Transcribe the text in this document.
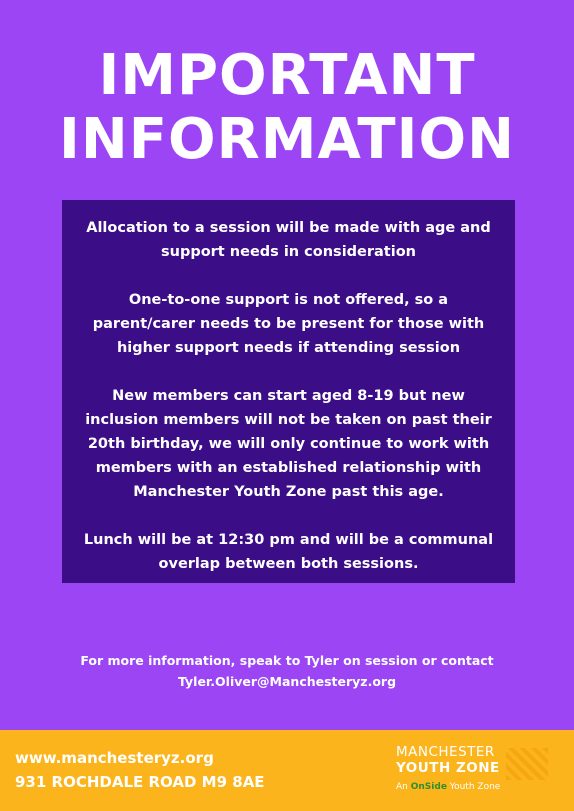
IMPORTANT
INFORMATION

Allocation to a session will be made with age and support needs in consideration

One-to-one support is not offered, so a parent/carer needs to be present for those with higher support needs if attending session

New members can start aged 8-19 but new inclusion members will not be taken on past their 20th birthday, we will only continue to work with members with an established relationship with Manchester Youth Zone past this age.

Lunch will be at 12:30 pm and will be a communal overlap between both sessions.

For more information, speak to Tyler on session or contact
Tyler.Oliver@Manchesteryz.org
www.manchesteryz.org
931 ROCHDALE ROAD M9 8AE
MANCHESTER
YOUTH ZONE
An OnSide Youth Zone
